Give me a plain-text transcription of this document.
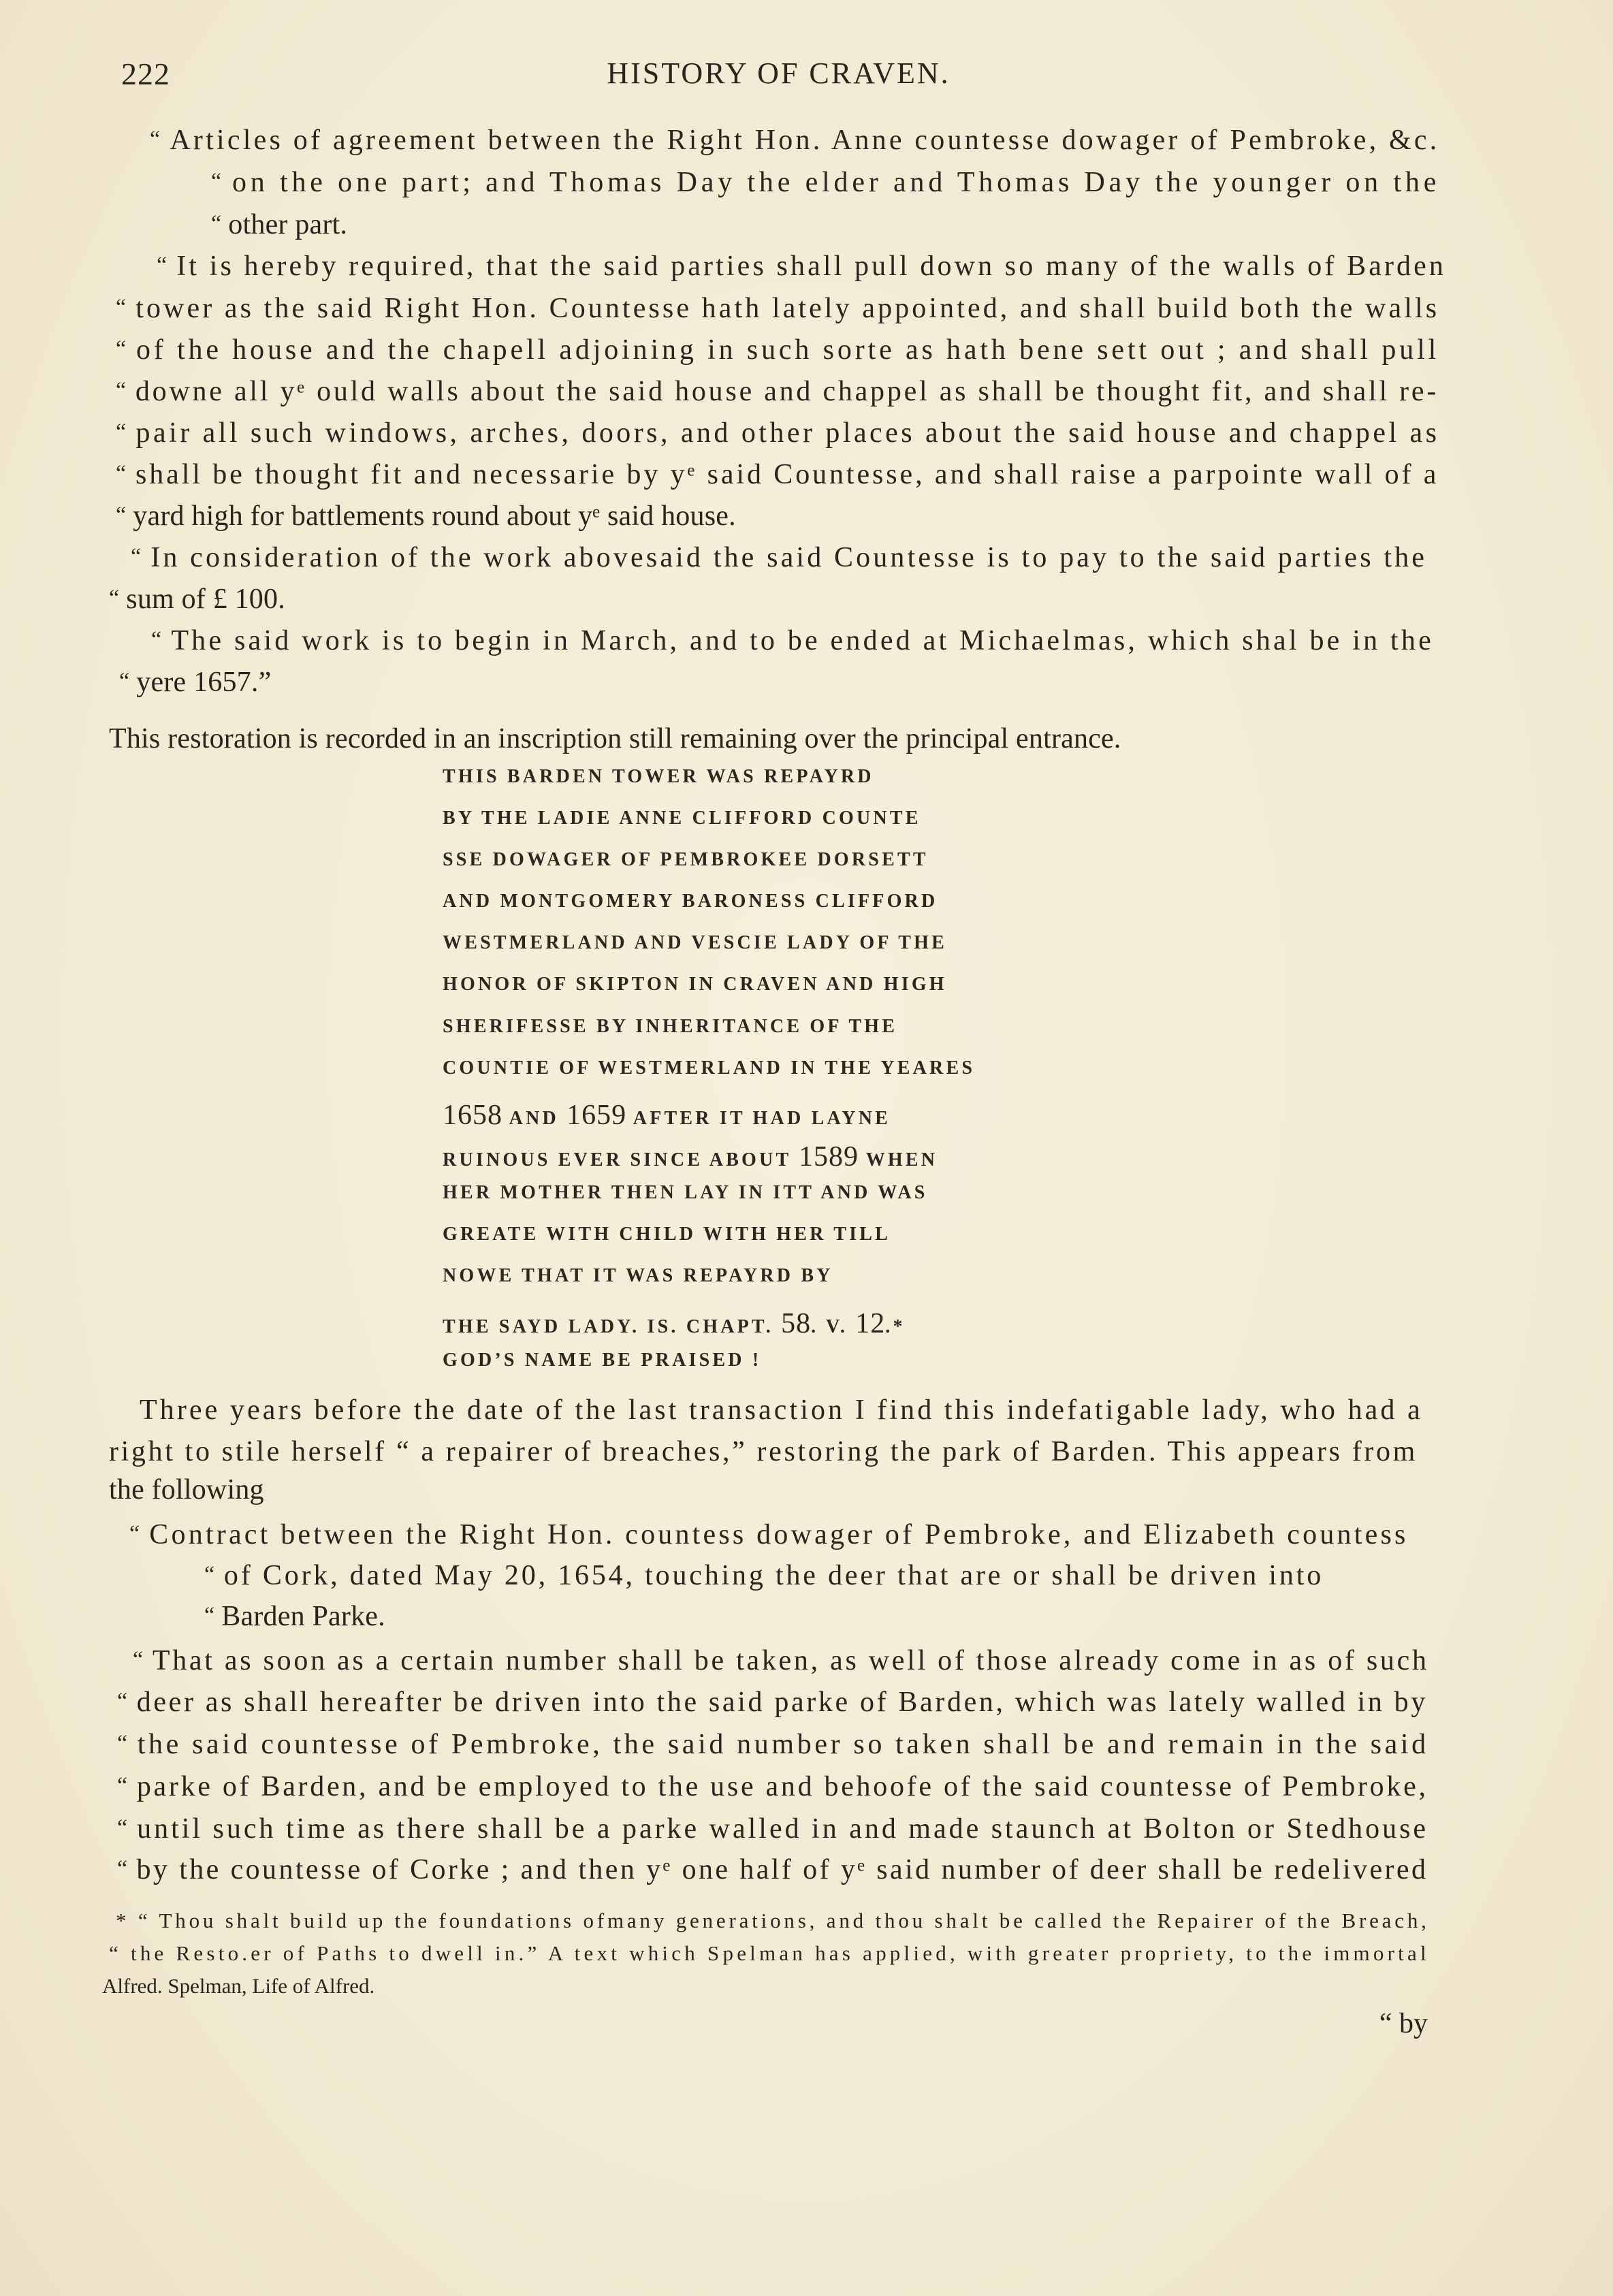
222	HISTORY OF CRAVEN.
“ Articles of agreement between the Right Hon. Anne countesse dowager of Pembroke, &c.
“ on the one part; and Thomas Day the elder and Thomas Day the younger on the
“ other part.
“ It is hereby required, that the said parties shall pull down so many of the walls of Barden
“ tower as the said Right Hon. Countesse hath lately appointed, and shall build both the walls
“ of the house and the chapell adjoining in such sorte as hath bene sett out ; and shall pull
“ downe all yᵉ ould walls about the said house and chappel as shall be thought fit, and shall re-
“ pair all such windows, arches, doors, and other places about the said house and chappel as
“ shall be thought fit and necessarie by yᵉ said Countesse, and shall raise a parpointe wall of a
“ yard high for battlements round about yᵉ said house.
“ In consideration of the work abovesaid the said Countesse is to pay to the said parties the
“ sum of £ 100.
“ The said work is to begin in March, and to be ended at Michaelmas, which shal be in the
“ yere 1657.”
This restoration is recorded in an inscription still remaining over the principal entrance.
THIS BARDEN TOWER WAS REPAYRD
BY THE LADIE ANNE CLIFFORD COUNTE
SSE DOWAGER OF PEMBROKEE DORSETT
AND MONTGOMERY BARONESS CLIFFORD
WESTMERLAND AND VESCIE LADY OF THE
HONOR OF SKIPTON IN CRAVEN AND HIGH
SHERIFESSE BY INHERITANCE OF THE
COUNTIE OF WESTMERLAND IN THE YEARES
1658 AND 1659 AFTER IT HAD LAYNE
RUINOUS EVER SINCE ABOUT 1589 WHEN
HER MOTHER THEN LAY IN ITT AND WAS
GREATE WITH CHILD WITH HER TILL
NOWE THAT IT WAS REPAYRD BY
THE SAYD LADY. IS. CHAPT. 58. V. 12.*
GOD’S NAME BE PRAISED !
Three years before the date of the last transaction I find this indefatigable lady, who had a
right to stile herself “ a repairer of breaches,” restoring the park of Barden. This appears from
the following
“ Contract between the Right Hon. countess dowager of Pembroke, and Elizabeth countess
“ of Cork, dated May 20, 1654, touching the deer that are or shall be driven into
“ Barden Parke.
“ That as soon as a certain number shall be taken, as well of those already come in as of such
“ deer as shall hereafter be driven into the said parke of Barden, which was lately walled in by
“ the said countesse of Pembroke, the said number so taken shall be and remain in the said
“ parke of Barden, and be employed to the use and behoofe of the said countesse of Pembroke,
“ until such time as there shall be a parke walled in and made staunch at Bolton or Stedhouse
“ by the countesse of Corke ; and then yᵉ one half of yᵉ said number of deer shall be redelivered
* “ Thou shalt build up the foundations ofmany generations, and thou shalt be called the Repairer of the Breach,
“ the Resto.er of Paths to dwell in.” A text which Spelman has applied, with greater propriety, to the immortal
Alfred. Spelman, Life of Alfred.
“ by
